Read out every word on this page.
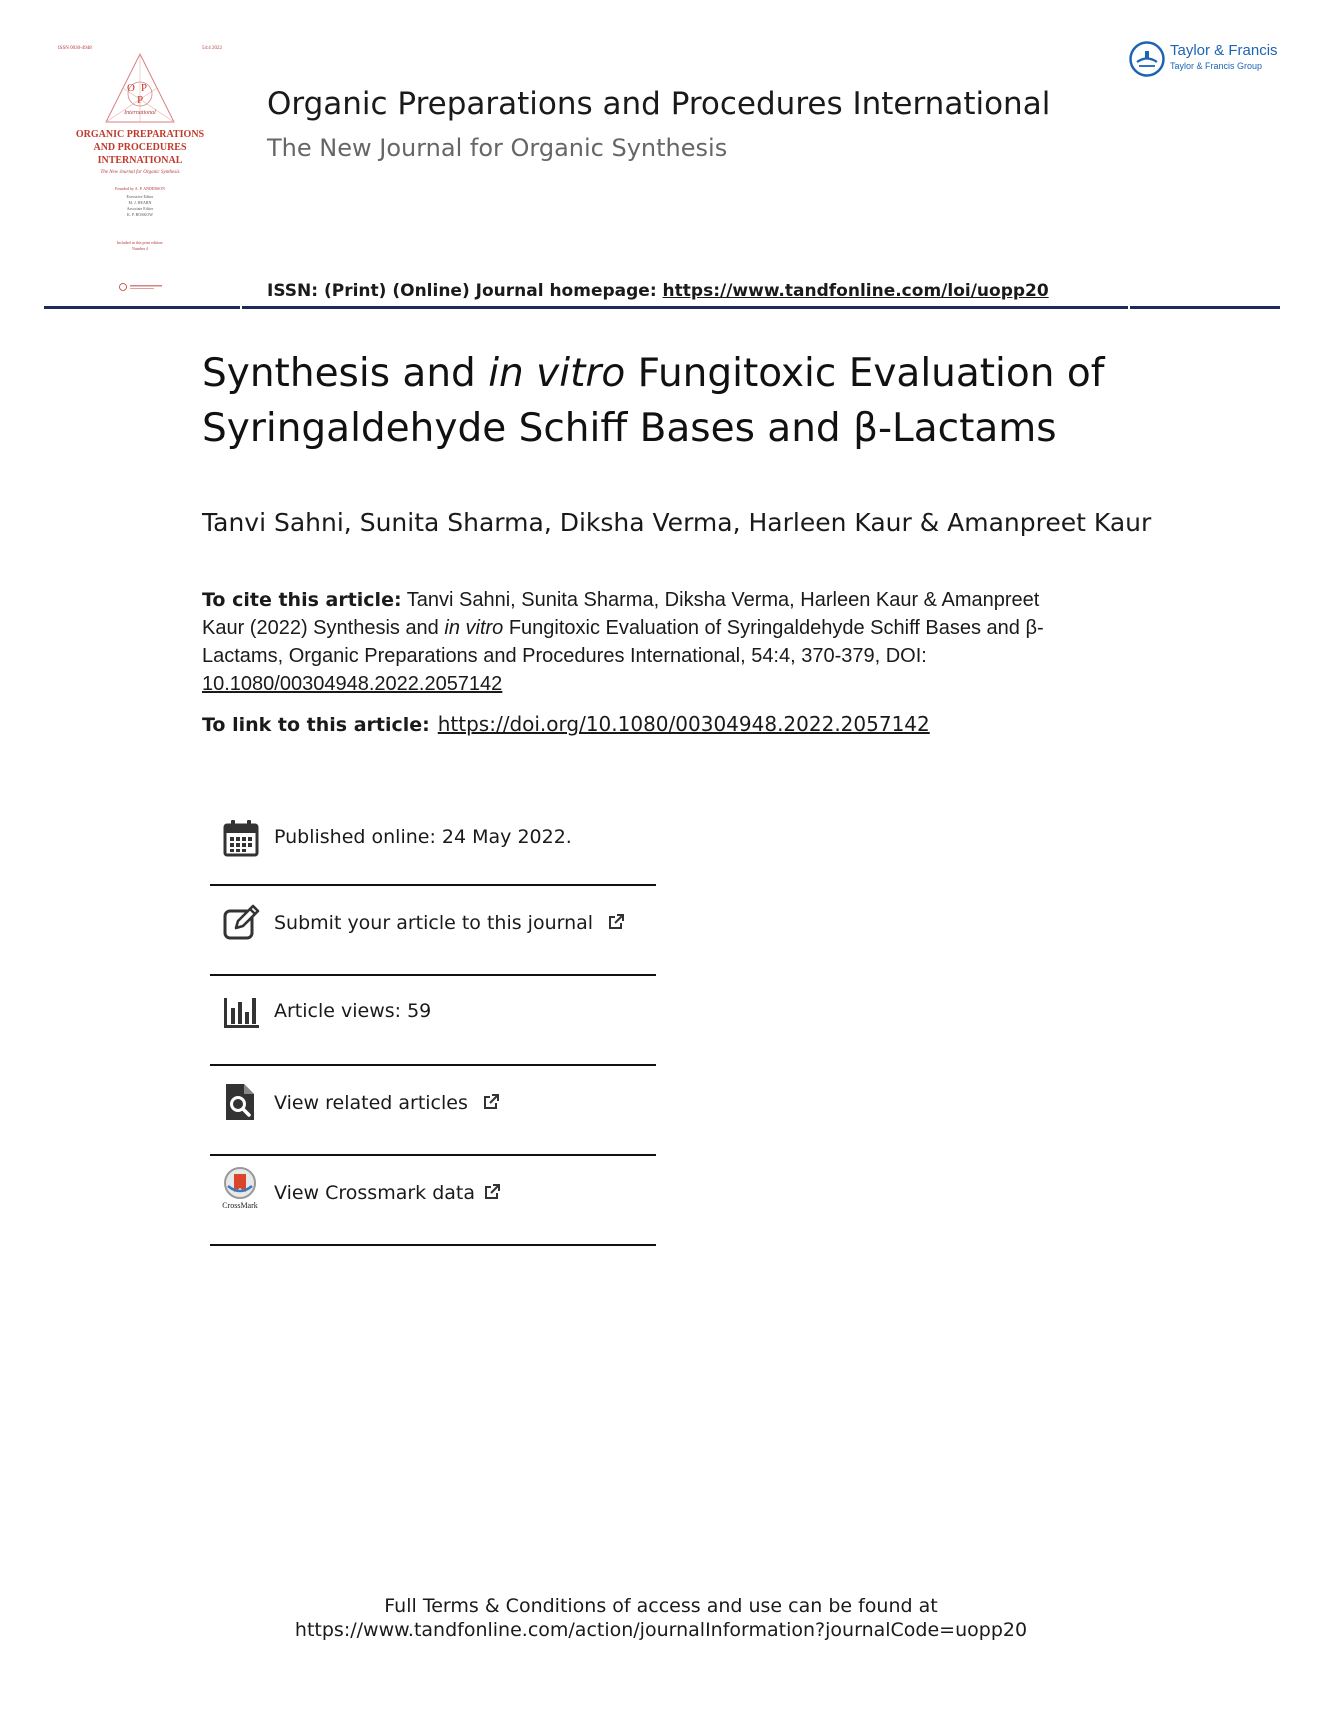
ISSN 0030-4948	54:4 2022
OP
P
International
ORGANIC PREPARATIONS
AND PROCEDURES
INTERNATIONAL
The New Journal for Organic Synthesis
Founded by A. P. ANDERSON
Executive Editor
M. J. HEARN
Associate Editor
K. P. BOSKOW
Included in this print edition:
Number 4
Taylor & Francis
Taylor & Francis Group
Organic Preparations and Procedures International
The New Journal for Organic Synthesis
ISSN: (Print) (Online) Journal homepage: https://www.tandfonline.com/loi/uopp20
Synthesis and in vitro Fungitoxic Evaluation of Syringaldehyde Schiff Bases and β-Lactams
Tanvi Sahni, Sunita Sharma, Diksha Verma, Harleen Kaur & Amanpreet Kaur
To cite this article: Tanvi Sahni, Sunita Sharma, Diksha Verma, Harleen Kaur & Amanpreet Kaur (2022) Synthesis and in vitro Fungitoxic Evaluation of Syringaldehyde Schiff Bases and β-Lactams, Organic Preparations and Procedures International, 54:4, 370-379, DOI:
10.1080/00304948.2022.2057142
To link to this article: https://doi.org/10.1080/00304948.2022.2057142
Published online: 24 May 2022.
Submit your article to this journal
Article views: 59
View related articles
CrossMark
View Crossmark data
Full Terms & Conditions of access and use can be found at
https://www.tandfonline.com/action/journalInformation?journalCode=uopp20
